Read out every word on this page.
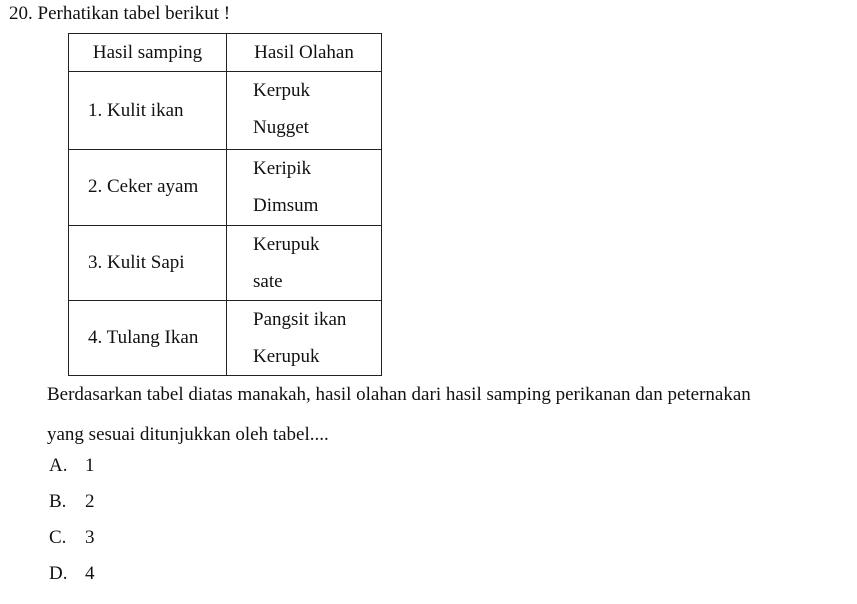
20. Perhatikan tabel berikut !
Hasil samping	Hasil Olahan
1. Kulit ikan	Kerpuk
Nugget

2. Ceker ayam	Keripik
Dimsum

3. Kulit Sapi	Kerupuk
sate

4. Tulang Ikan	Pangsit ikan
Kerupuk
Berdasarkan tabel diatas manakah, hasil olahan dari hasil samping perikanan dan peternakan
yang sesuai ditunjukkan oleh tabel....
A. 1
B. 2
C. 3
D. 4
